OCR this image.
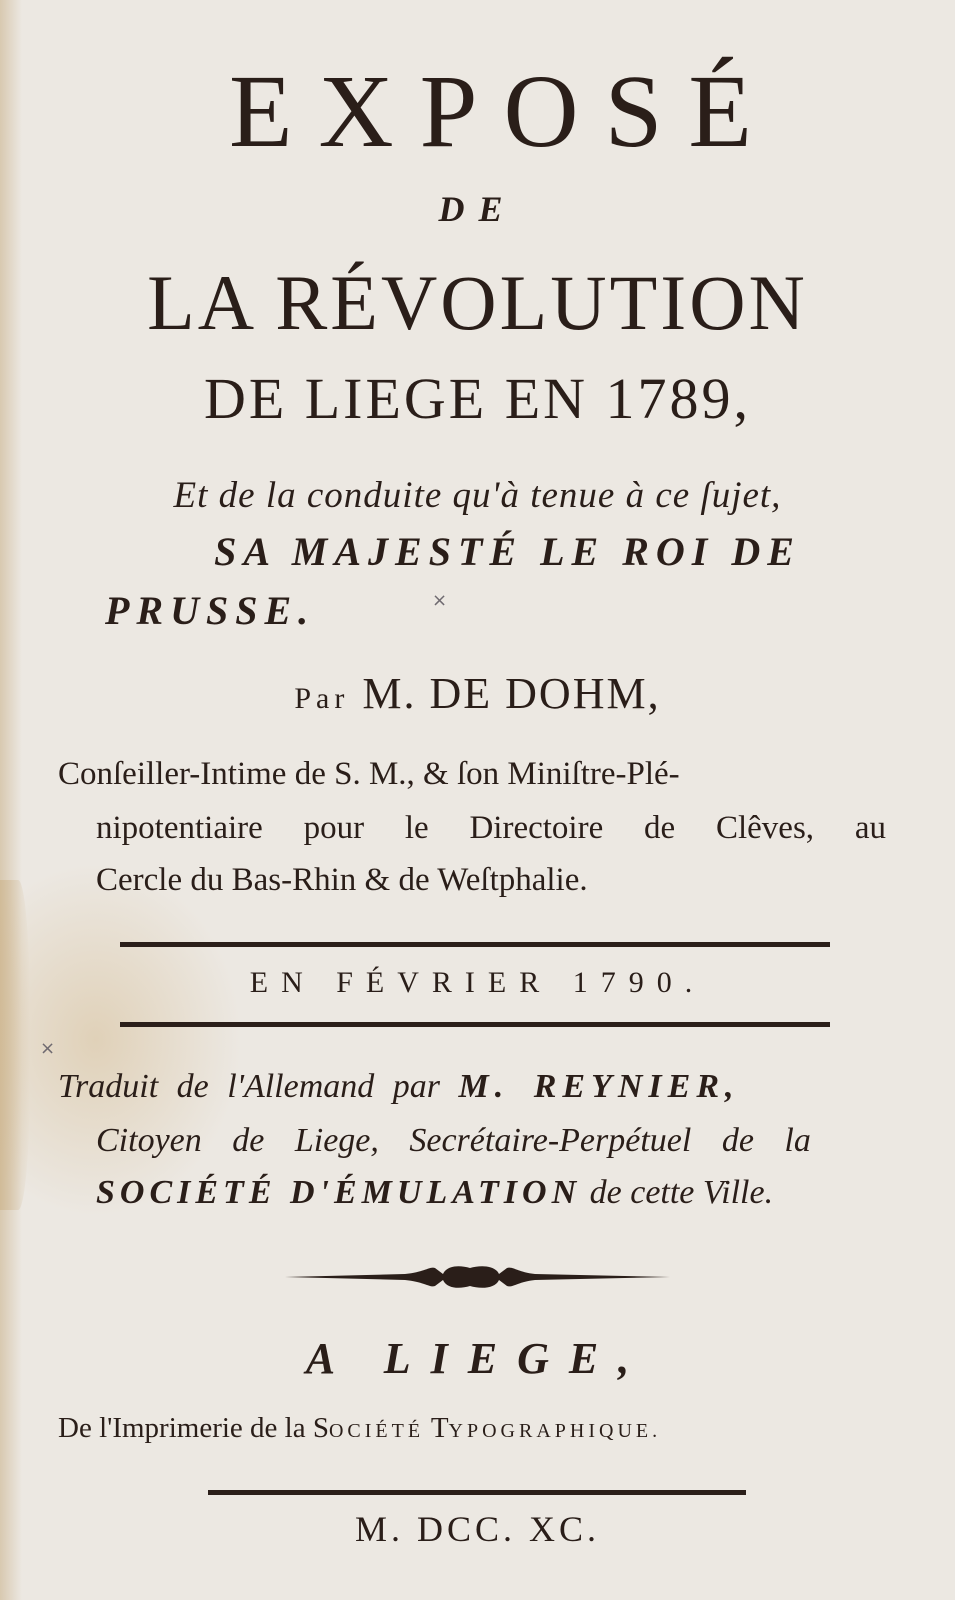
EXPOSÉ
DE
LA RÉVOLUTION
DE LIEGE EN 1789,
Et de la conduite qu'à tenue à ce ſujet,
SA MAJESTÉ LE ROI DE
PRUSSE.	×
Par M. DE DOHM,
Conſeiller-Intime de S. M., & ſon Miniſtre-Plé-
nipotentiaire pour le Directoire de Clêves, au
Cercle du Bas-Rhin & de Weſtphalie.
EN FÉVRIER 1790.
×
Traduit de l'Allemand par M. REYNIER,
Citoyen de Liege, Secrétaire-Perpétuel de la
SOCIÉTÉ D'ÉMULATION de cette Ville.
A LIEGE,
De l'Imprimerie de la SOCIÉTÉ TYPOGRAPHIQUE.
M. DCC. XC.
